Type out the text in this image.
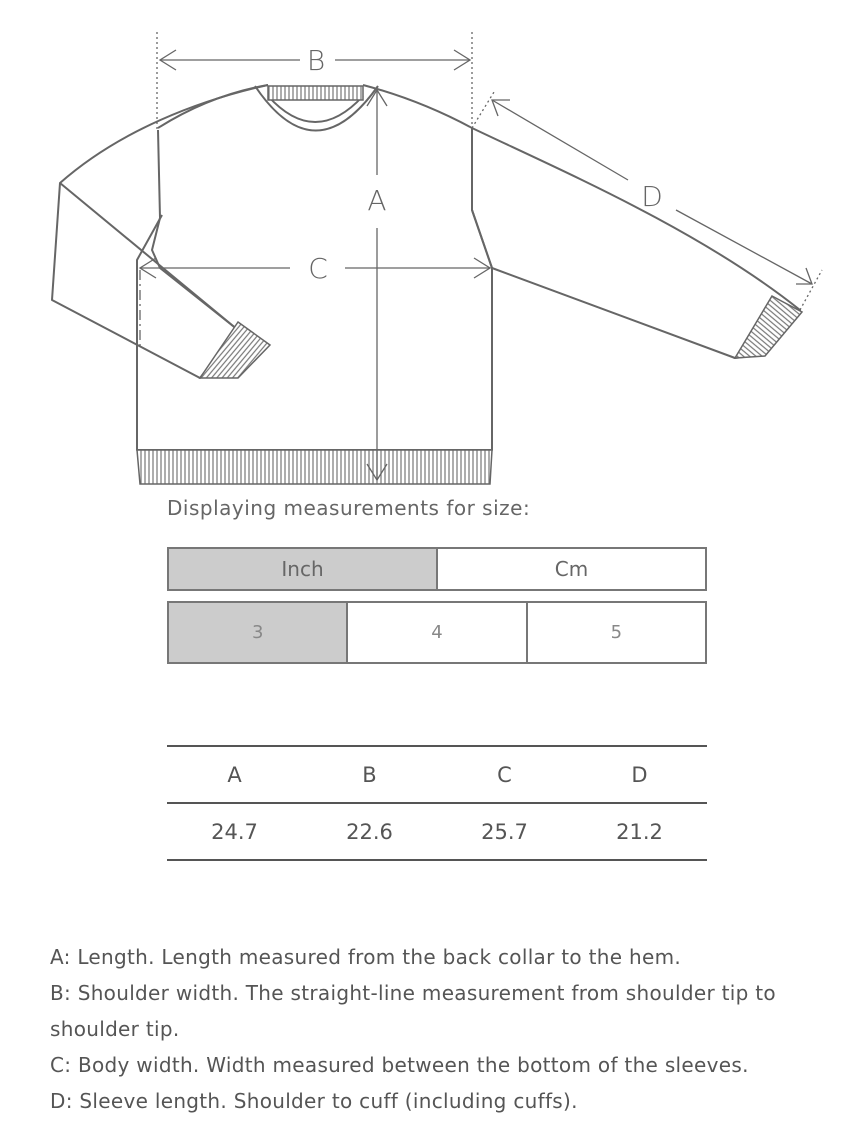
B
C
A	D
Displaying measurements for size:
Inch	Cm
3	4	5
A	B	C	D
24.7	22.6	25.7	21.2

A: Length. Length measured from the back collar to the hem.

B: Shoulder width. The straight-line measurement from shoulder tip to shoulder tip.

C: Body width. Width measured between the bottom of the sleeves.

D: Sleeve length. Shoulder to cuff (including cuffs).
